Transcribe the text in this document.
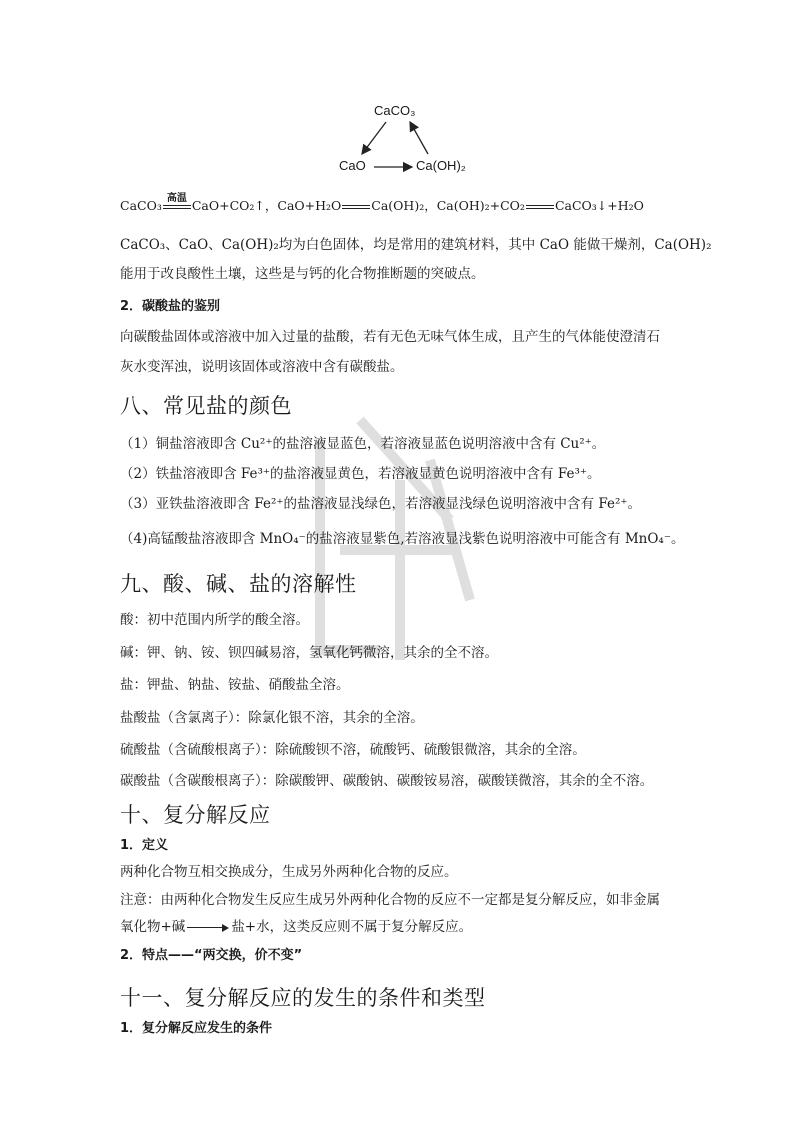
CaCO₃
CaO	Ca(OH)₂
CaCO₃ 高温 CaO+CO₂↑，CaO+H₂O Ca(OH)₂，Ca(OH)₂+CO₂ CaCO₃↓+H₂O
CaCO₃、CaO、Ca(OH)₂均为白色固体，均是常用的建筑材料，其中 CaO 能做干燥剂，Ca(OH)₂
能用于改良酸性土壤，这些是与钙的化合物推断题的突破点。
2．碳酸盐的鉴别
向碳酸盐固体或溶液中加入过量的盐酸，若有无色无味气体生成，且产生的气体能使澄清石
灰水变浑浊，说明该固体或溶液中含有碳酸盐。
八、常见盐的颜色
（1）铜盐溶液即含 Cu²⁺的盐溶液显蓝色，若溶液显蓝色说明溶液中含有 Cu²⁺。
（2）铁盐溶液即含 Fe³⁺的盐溶液显黄色，若溶液显黄色说明溶液中含有 Fe³⁺。
（3）亚铁盐溶液即含 Fe²⁺的盐溶液显浅绿色，若溶液显浅绿色说明溶液中含有 Fe²⁺。
（4)高锰酸盐溶液即含 MnO₄⁻的盐溶液显紫色,若溶液显浅紫色说明溶液中可能含有 MnO₄⁻。
九、酸、碱、盐的溶解性
酸：初中范围内所学的酸全溶。
碱：钾、钠、铵、钡四碱易溶，氢氧化钙微溶，其余的全不溶。
盐：钾盐、钠盐、铵盐、硝酸盐全溶。
盐酸盐（含氯离子）：除氯化银不溶，其余的全溶。
硫酸盐（含硫酸根离子）：除硫酸钡不溶，硫酸钙、硫酸银微溶，其余的全溶。
碳酸盐（含碳酸根离子）：除碳酸钾、碳酸钠、碳酸铵易溶，碳酸镁微溶，其余的全不溶。
十、复分解反应
1．定义
两种化合物互相交换成分，生成另外两种化合物的反应。
注意：由两种化合物发生反应生成另外两种化合物的反应不一定都是复分解反应，如非金属
氧化物+碱	盐+水，这类反应则不属于复分解反应。
2．特点——“两交换，价不变”
十一、复分解反应的发生的条件和类型
1．复分解反应发生的条件
